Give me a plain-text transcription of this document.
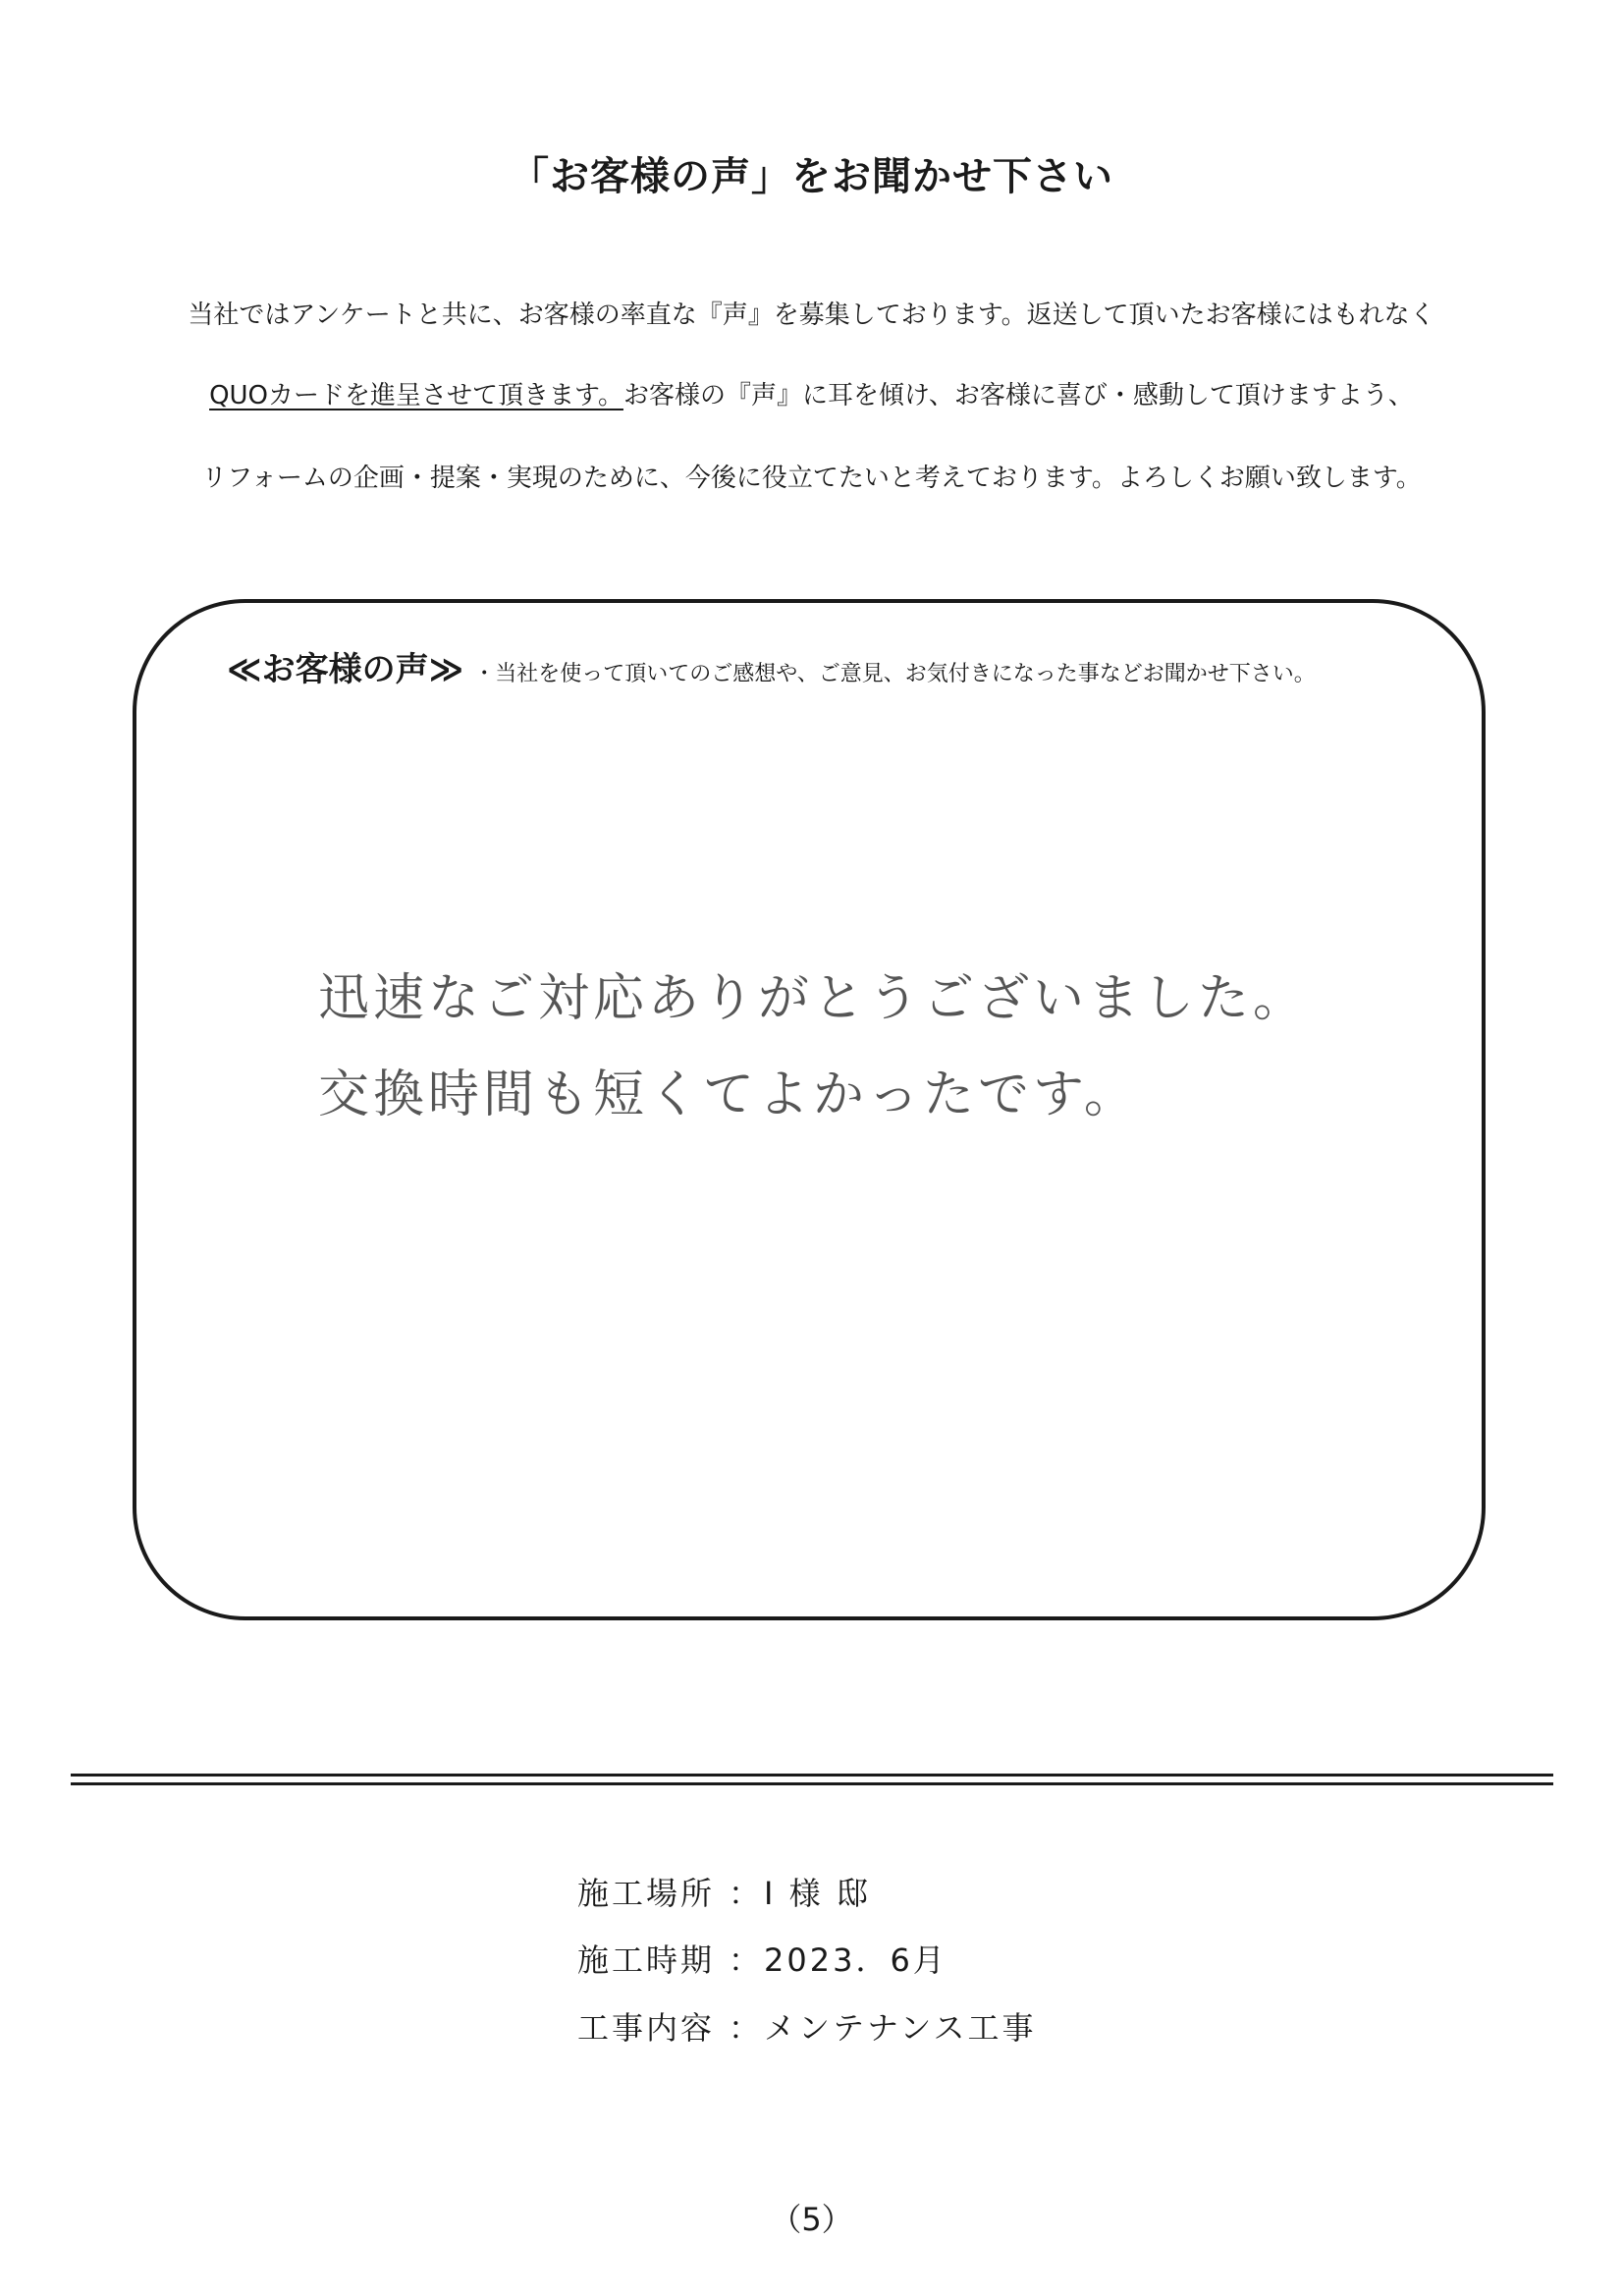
「お客様の声」をお聞かせ下さい
当社ではアンケートと共に、お客様の率直な『声』を募集しております。返送して頂いたお客様にはもれなく
QUOカードを進呈させて頂きます。お客様の『声』に耳を傾け、お客様に喜び・感動して頂けますよう、
リフォームの企画・提案・実現のために、今後に役立てたいと考えております。よろしくお願い致します。
≪お客様の声≫ ・当社を使って頂いてのご感想や、ご意見、お気付きになった事などお聞かせ下さい。
迅速なご対応ありがとうございました。
交換時間も短くてよかったです。
施工場所 ： I 様 邸
施工時期 ： 2023．6月
工事内容 ： メンテナンス工事
（5）
